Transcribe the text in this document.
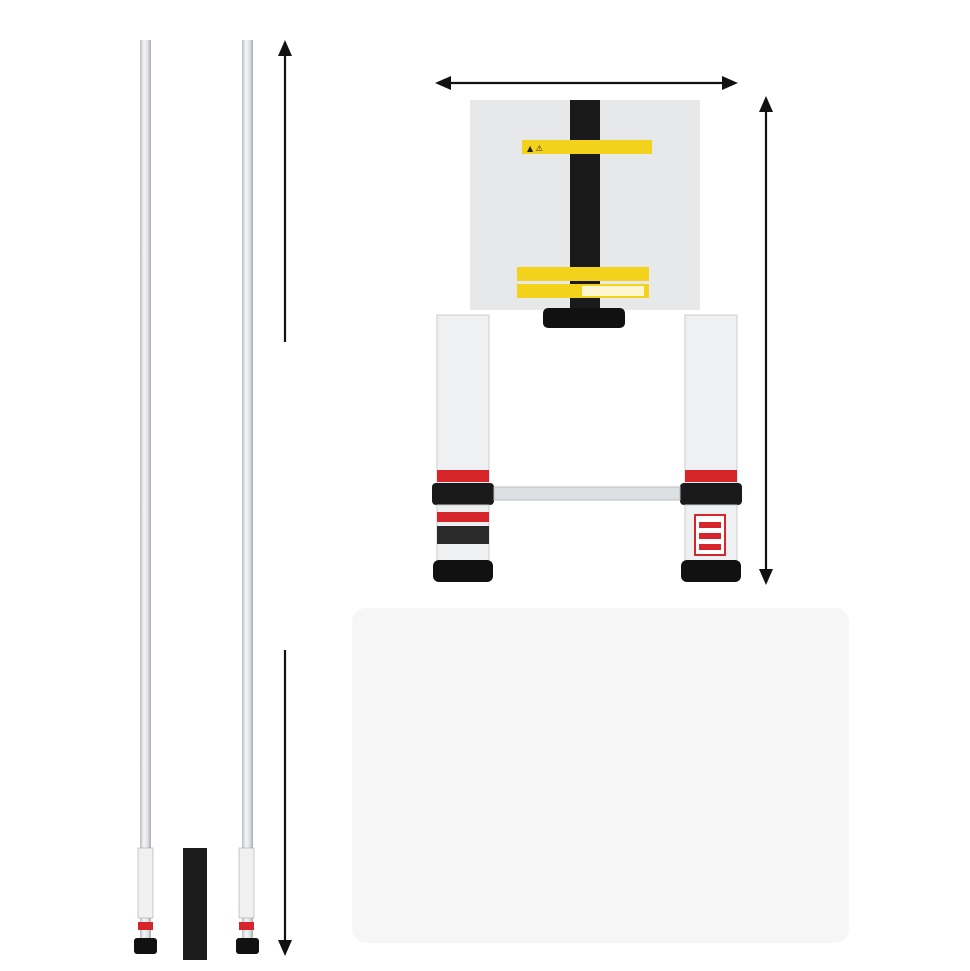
▲ ⚠
